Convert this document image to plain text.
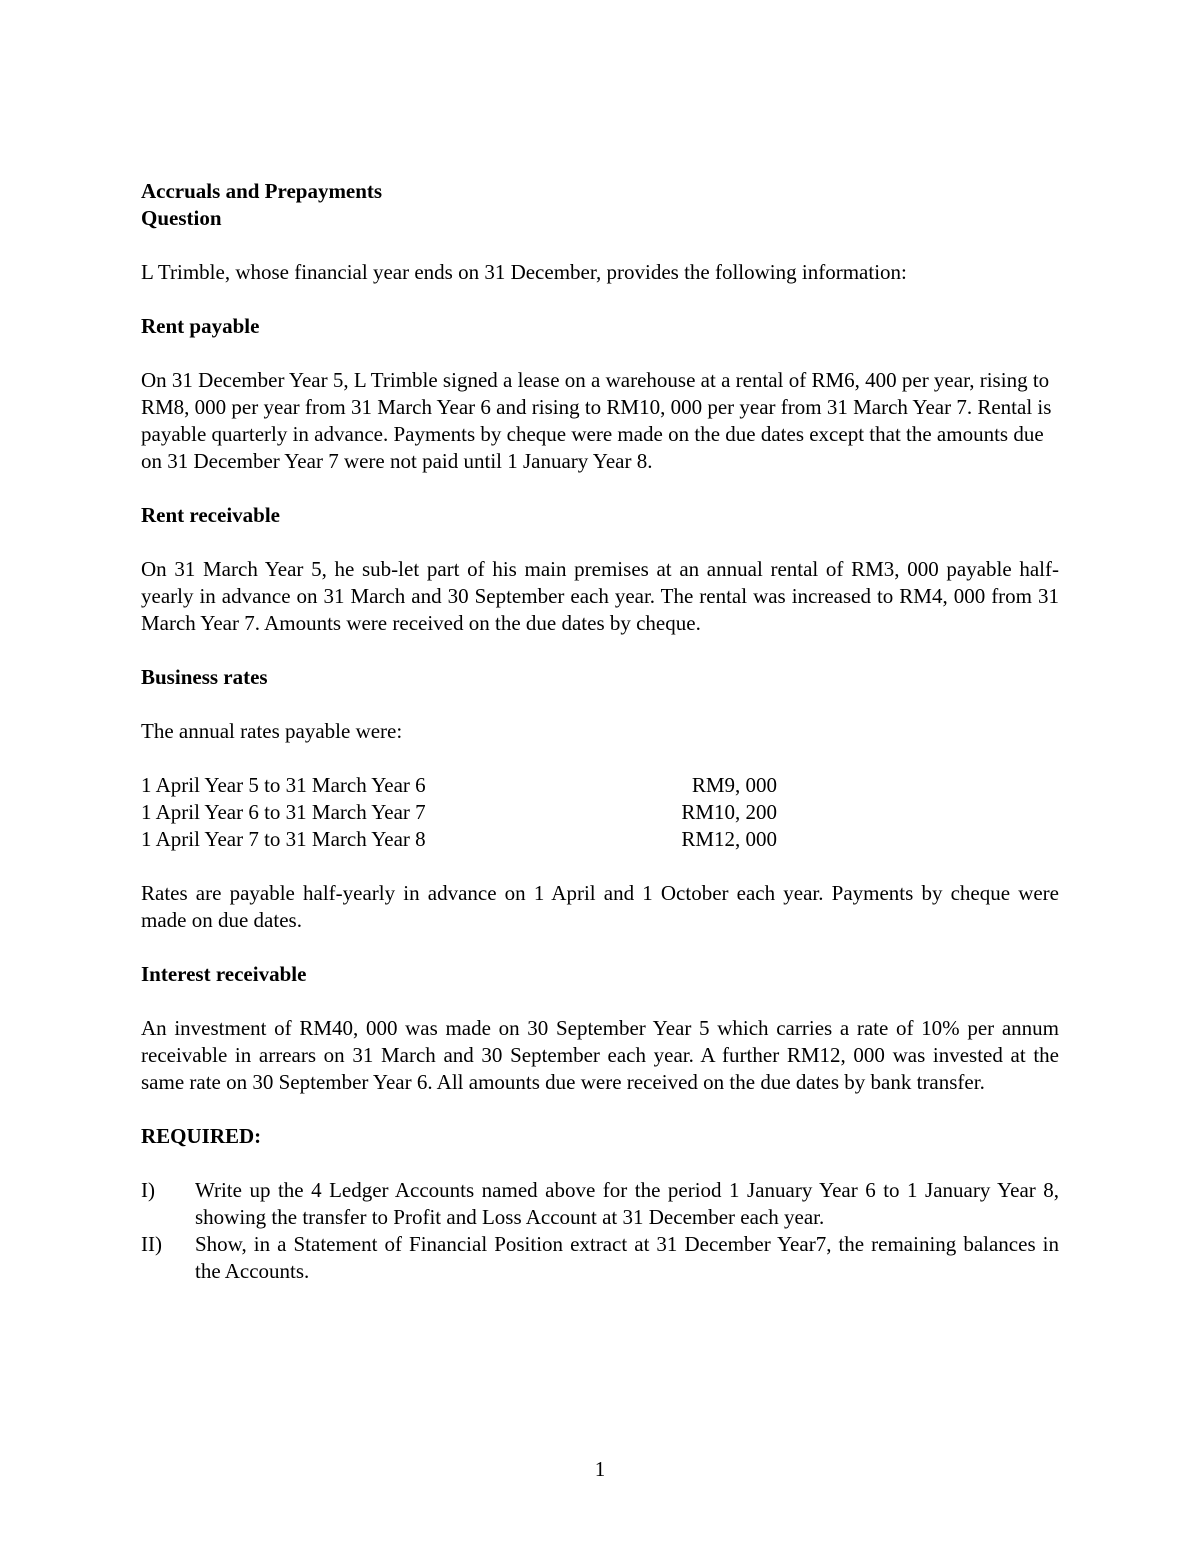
Accruals and Prepayments

Question

L Trimble, whose financial year ends on 31 December, provides the following information:

Rent payable

On 31 December Year 5, L Trimble signed a lease on a warehouse at a rental of RM6, 400 per year, rising to RM8, 000 per year from 31 March Year 6 and rising to RM10, 000 per year from 31 March Year 7. Rental is payable quarterly in advance. Payments by cheque were made on the due dates except that the amounts due on 31 December Year 7 were not paid until 1 January Year 8.

Rent receivable

On 31 March Year 5, he sub-let part of his main premises at an annual rental of RM3, 000 payable half-yearly in advance on 31 March and 30 September each year. The rental was increased to RM4, 000 from 31 March Year 7. Amounts were received on the due dates by cheque.

Business rates

The annual rates payable were:

1 April Year 5 to 31 March Year 6	RM9, 000
1 April Year 6 to 31 March Year 7	RM10, 200
1 April Year 7 to 31 March Year 8	RM12, 000

Rates are payable half-yearly in advance on 1 April and 1 October each year. Payments by cheque were made on due dates.

Interest receivable

An investment of RM40, 000 was made on 30 September Year 5 which carries a rate of 10% per annum receivable in arrears on 31 March and 30 September each year. A further RM12, 000 was invested at the same rate on 30 September Year 6. All amounts due were received on the due dates by bank transfer.

REQUIRED:

I)	Write up the 4 Ledger Accounts named above for the period 1 January Year 6 to 1 January Year 8, showing the transfer to Profit and Loss Account at 31 December each year.
II)	Show, in a Statement of Financial Position extract at 31 December Year7, the remaining balances in the Accounts.
1
